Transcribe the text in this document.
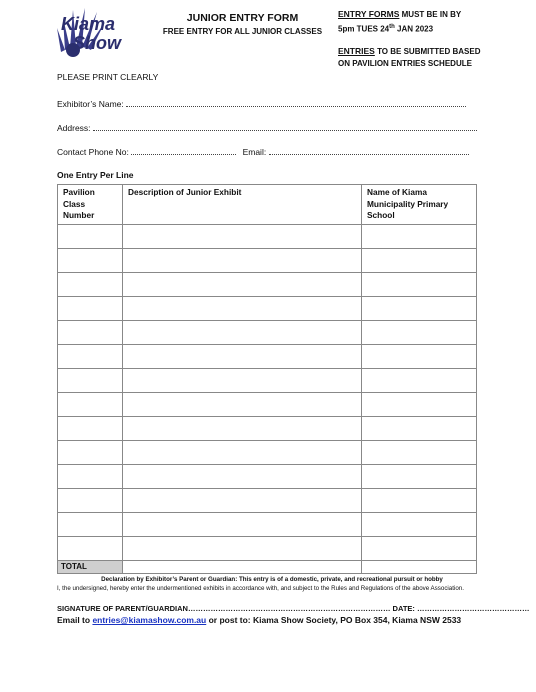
Kiama
Show
JUNIOR ENTRY FORM
FREE ENTRY FOR ALL JUNIOR CLASSES
ENTRY FORMS MUST BE IN BY
5pm TUES 24th JAN 2023
ENTRIES TO BE SUBMITTED BASED
ON PAVILION ENTRIES SCHEDULE
PLEASE PRINT CLEARLY
Exhibitor’s Name:
Address:
Contact Phone No:	Email:
One Entry Per Line
Pavilion Class Number	Description of Junior Exhibit	Name of Kiama Municipality Primary School

TOTAL		
Declaration by Exhibitor’s Parent or Guardian: This entry is of a domestic, private, and recreational pursuit or hobby
I, the undersigned, hereby enter the undermentioned exhibits in accordance with, and subject to the Rules and Regulations of the above Association.
SIGNATURE OF PARENT/GUARDIAN……………………………………………………………………… DATE: ………………………………………
Email to entries@kiamashow.com.au or post to: Kiama Show Society, PO Box 354, Kiama NSW 2533
